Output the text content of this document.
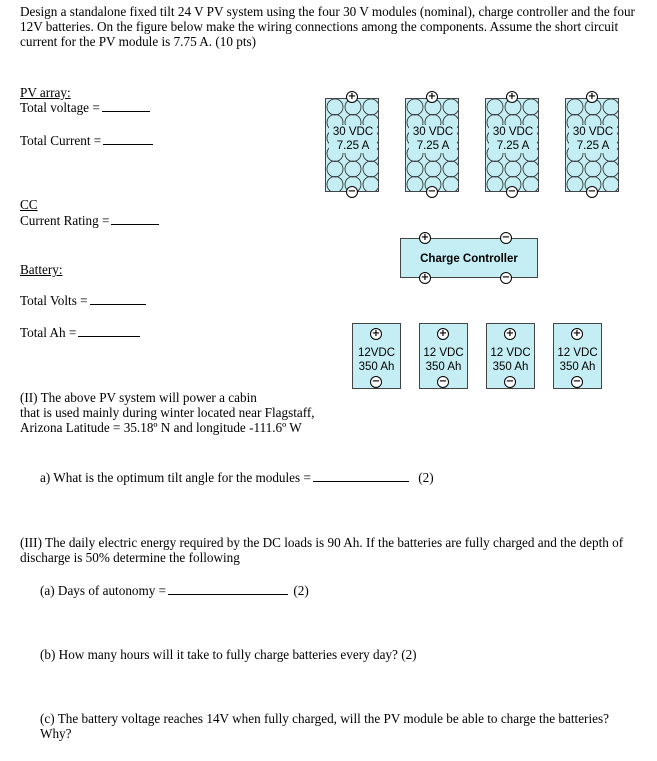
Design a standalone fixed tilt 24 V PV system using the four 30 V modules (nominal), charge controller and the four 12V batteries. On the figure below make the wiring connections among the components. Assume the short circuit current for the PV module is 7.75 A. (10 pts)
PV array:
Total voltage =
Total Current =
CC
Current Rating =
Battery:
Total Volts =
Total Ah =
30 VDC
7.25 A
30 VDC
7.25 A
30 VDC
7.25 A
30 VDC
7.25 A
+	+	+	+
−	−	−	−
Charge Controller
+	−
+	−
12VDC
350 Ah
12 VDC
350 Ah
12 VDC
350 Ah
12 VDC
350 Ah
+	+	+	+
−	−	−	−
(II) The above PV system will power a cabin
that is used mainly during winter located near Flagstaff,
Arizona Latitude = 35.18º N and longitude -111.6º W
a) What is the optimum tilt angle for the modules =	(2)
(III) The daily electric energy required by the DC loads is 90 Ah. If the batteries are fully charged and the depth of discharge is 50% determine the following
(a) Days of autonomy =	(2)
(b) How many hours will it take to fully charge batteries every day? (2)
(c) The battery voltage reaches 14V when fully charged, will the PV module be able to charge the batteries? Why?
